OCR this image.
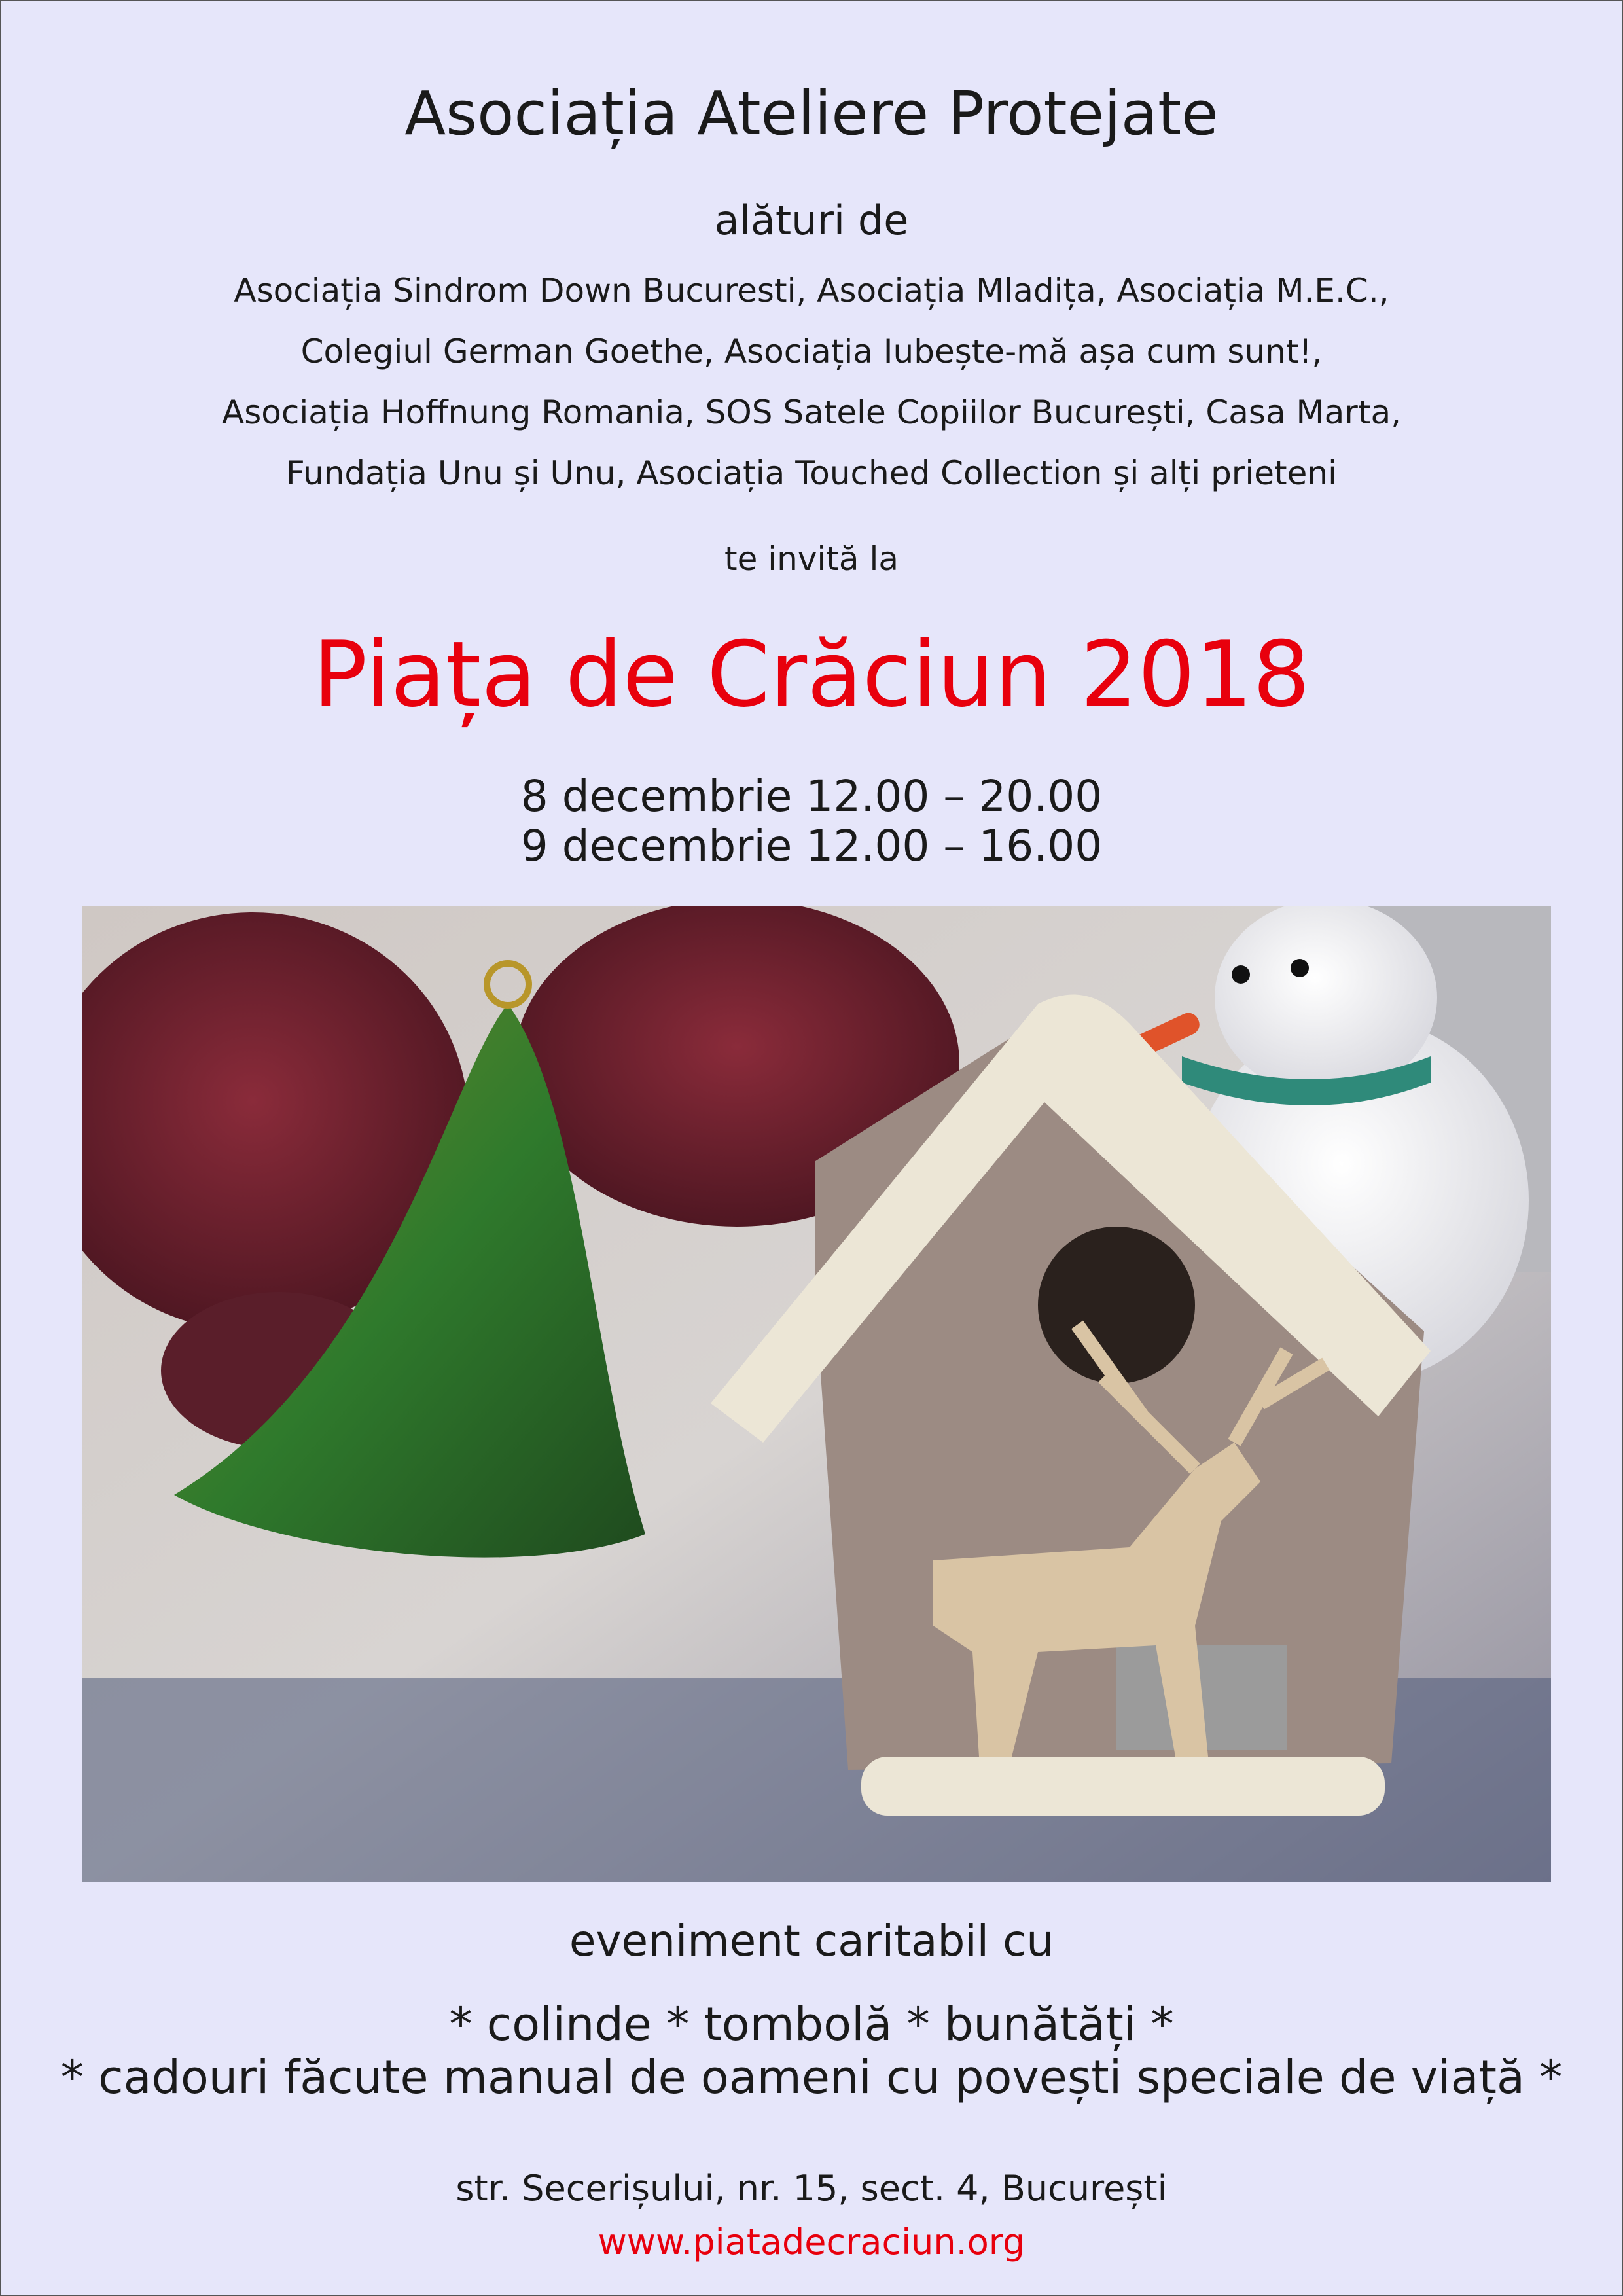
Asociația Ateliere Protejate
alături de
Asociația Sindrom Down Bucuresti, Asociația Mladița, Asociația M.E.C.,
Colegiul German Goethe, Asociația Iubește-mă așa cum sunt!,
Asociația Hoffnung Romania, SOS Satele Copiilor București, Casa Marta,
Fundația Unu și Unu, Asociația Touched Collection și alți prieteni
te invită la
Piața de Crăciun 2018
8 decembrie 12.00 – 20.00
9 decembrie 12.00 – 16.00
eveniment caritabil cu
* colinde * tombolă * bunătăți *
* cadouri făcute manual de oameni cu povești speciale de viață *
str. Secerișului, nr. 15, sect. 4, București
www.piatadecraciun.org
